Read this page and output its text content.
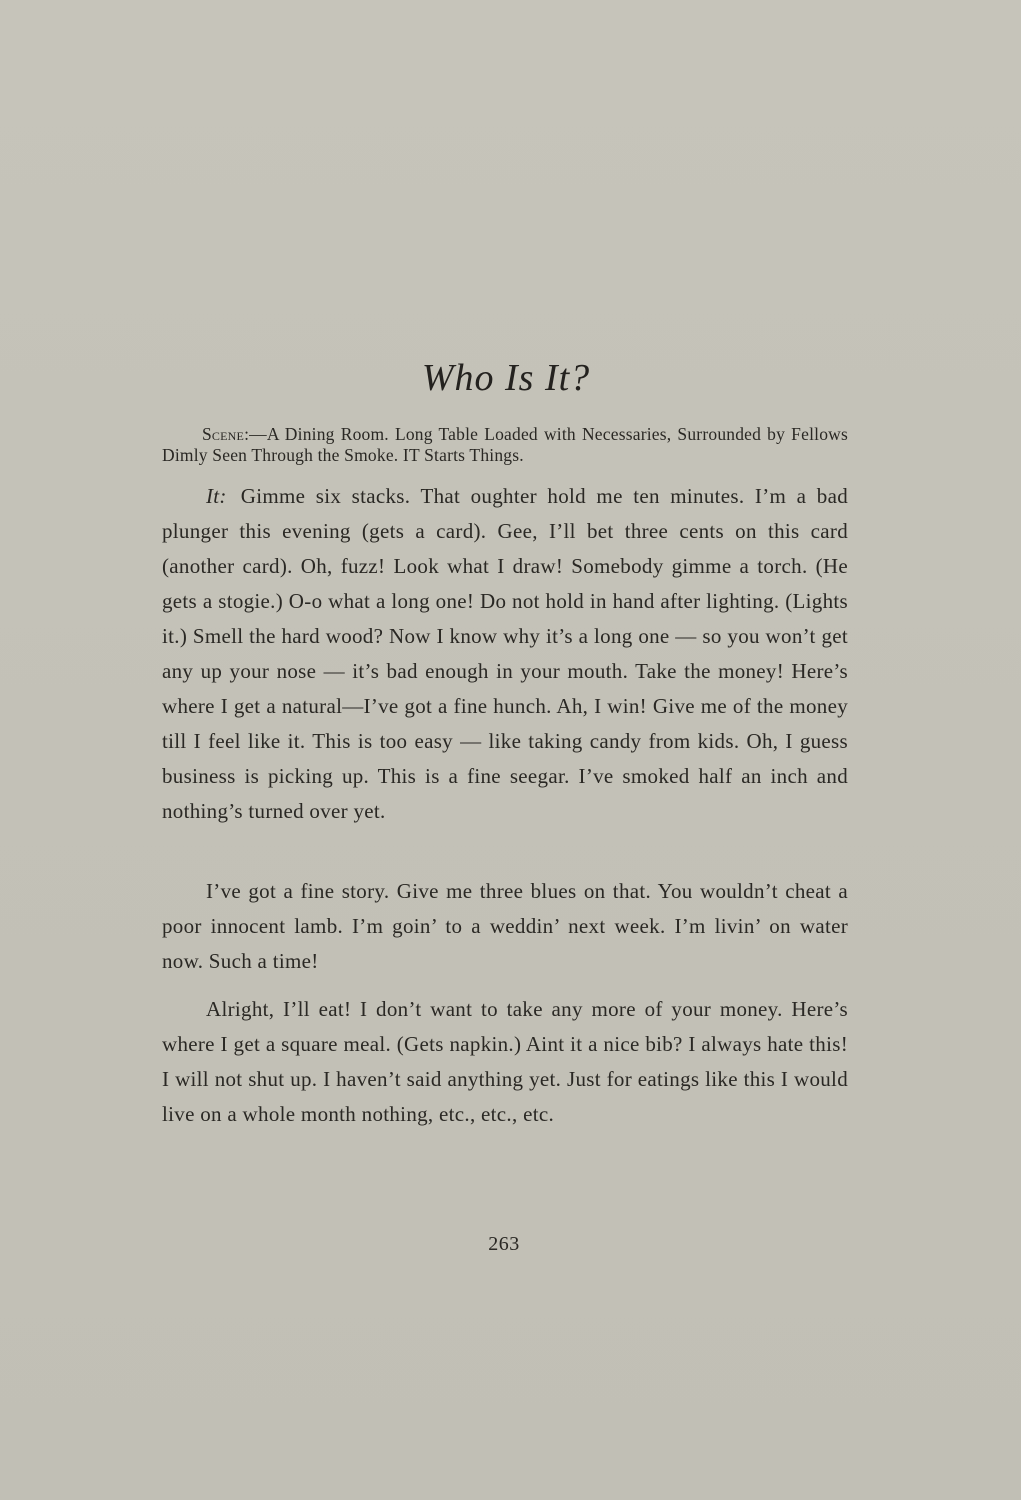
Who Is It?
Scene:—A Dining Room. Long Table Loaded with Necessaries, Surrounded by Fellows Dimly Seen Through the Smoke. IT Starts Things.
It: Gimme six stacks. That oughter hold me ten minutes. I’m a bad plunger this evening (gets a card). Gee, I’ll bet three cents on this card (another card). Oh, fuzz! Look what I draw! Somebody gimme a torch. (He gets a stogie.) O-o what a long one! Do not hold in hand after lighting. (Lights it.) Smell the hard wood? Now I know why it’s a long one — so you won’t get any up your nose — it’s bad enough in your mouth. Take the money! Here’s where I get a natural—I’ve got a fine hunch. Ah, I win! Give me of the money till I feel like it. This is too easy — like taking candy from kids. Oh, I guess business is picking up. This is a fine seegar. I’ve smoked half an inch and nothing’s turned over yet.
I’ve got a fine story. Give me three blues on that. You wouldn’t cheat a poor innocent lamb. I’m goin’ to a weddin’ next week. I’m livin’ on water now. Such a time!
Alright, I’ll eat! I don’t want to take any more of your money. Here’s where I get a square meal. (Gets napkin.) Aint it a nice bib? I always hate this! I will not shut up. I haven’t said anything yet. Just for eatings like this I would live on a whole month nothing, etc., etc., etc.
263
